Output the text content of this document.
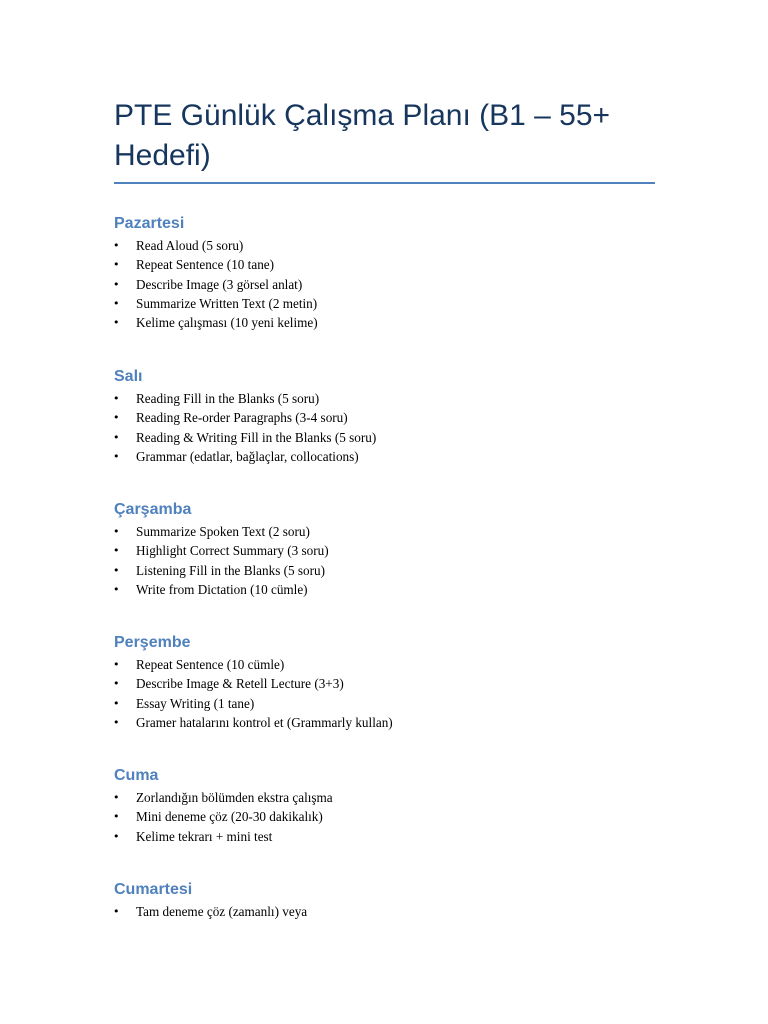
PTE Günlük Çalışma Planı (B1 – 55+ Hedefi)
Pazartesi
• Read Aloud (5 soru)
• Repeat Sentence (10 tane)
• Describe Image (3 görsel anlat)
• Summarize Written Text (2 metin)
• Kelime çalışması (10 yeni kelime)
Salı
• Reading Fill in the Blanks (5 soru)
• Reading Re-order Paragraphs (3-4 soru)
• Reading & Writing Fill in the Blanks (5 soru)
• Grammar (edatlar, bağlaçlar, collocations)
Çarşamba
• Summarize Spoken Text (2 soru)
• Highlight Correct Summary (3 soru)
• Listening Fill in the Blanks (5 soru)
• Write from Dictation (10 cümle)
Perşembe
• Repeat Sentence (10 cümle)
• Describe Image & Retell Lecture (3+3)
• Essay Writing (1 tane)
• Gramer hatalarını kontrol et (Grammarly kullan)
Cuma
• Zorlandığın bölümden ekstra çalışma
• Mini deneme çöz (20-30 dakikalık)
• Kelime tekrarı + mini test
Cumartesi
• Tam deneme çöz (zamanlı) veya
